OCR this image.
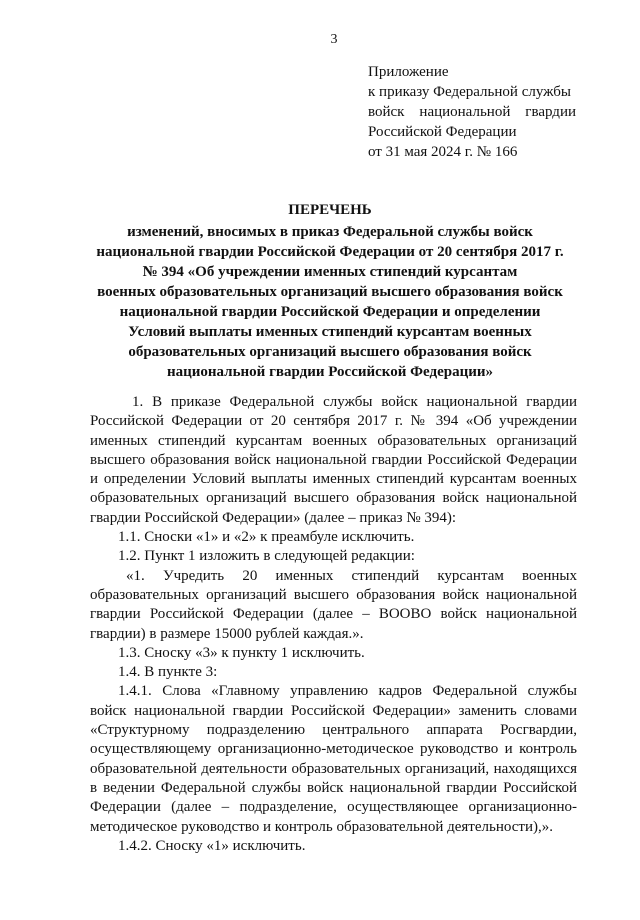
3
Приложение
к приказу Федеральной службы
войск национальной гвардии
Российской Федерации
от 31 мая 2024 г. № 166
ПЕРЕЧЕНЬ
изменений, вносимых в приказ Федеральной службы войск
национальной гвардии Российской Федерации от 20 сентября 2017 г.
№ 394 «Об учреждении именных стипендий курсантам
военных образовательных организаций высшего образования войск
национальной гвардии Российской Федерации и определении
Условий выплаты именных стипендий курсантам военных
образовательных организаций высшего образования войск
национальной гвардии Российской Федерации»
1. В приказе Федеральной службы войск национальной гвардии
Российской Федерации от 20 сентября 2017 г. № 394 «Об учреждении
именных стипендий курсантам военных образовательных организаций
высшего образования войск национальной гвардии Российской Федерации
и определении Условий выплаты именных стипендий курсантам военных
образовательных организаций высшего образования войск национальной
гвардии Российской Федерации» (далее – приказ № 394):
1.1. Сноски «1» и «2» к преамбуле исключить.
1.2. Пункт 1 изложить в следующей редакции:
«1. Учредить 20 именных стипендий курсантам военных
образовательных организаций высшего образования войск национальной
гвардии Российской Федерации (далее – ВООВО войск национальной
гвардии) в размере 15000 рублей каждая.».
1.3. Сноску «3» к пункту 1 исключить.
1.4. В пункте 3:
1.4.1. Слова «Главному управлению кадров Федеральной службы
войск национальной гвардии Российской Федерации» заменить словами
«Структурному подразделению центрального аппарата Росгвардии,
осуществляющему организационно-методическое руководство и контроль
образовательной деятельности образовательных организаций, находящихся
в ведении Федеральной службы войск национальной гвардии Российской
Федерации (далее – подразделение, осуществляющее организационно-
методическое руководство и контроль образовательной деятельности),».
1.4.2. Сноску «1» исключить.
